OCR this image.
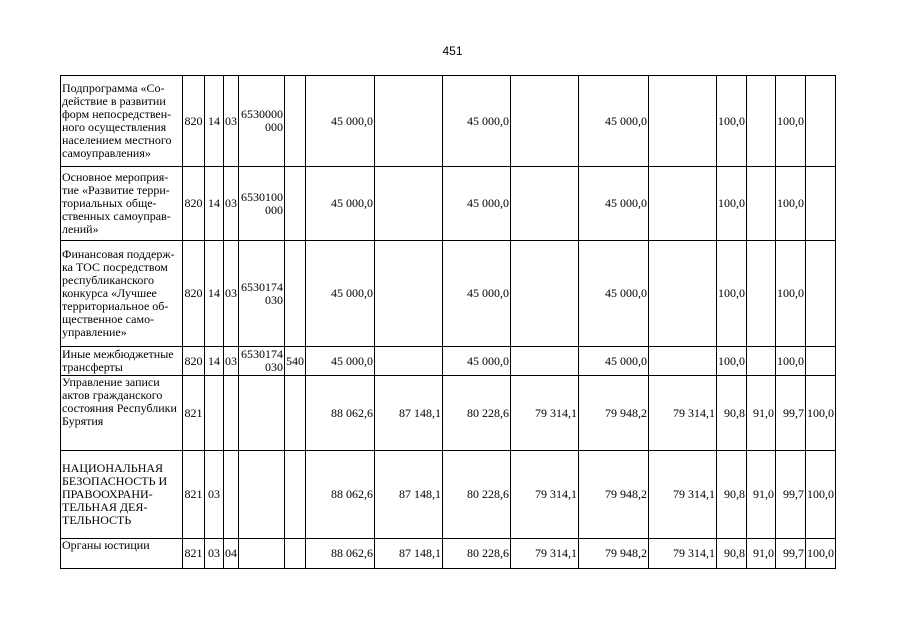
451
Подпрограмма «Со-действие в развитии форм непосредствен-ного осуществления населением местного самоуправления»	820	14	03	6530000 000		45 000,0		45 000,0		45 000,0		100,0		100,0	
Основное мероприя-тие «Развитие терри-ториальных обще-ственных самоуправ-лений»	820	14	03	6530100 000		45 000,0		45 000,0		45 000,0		100,0		100,0	
Финансовая поддерж-ка ТОС посредством республиканского конкурса «Лучшее территориальное об-щественное само-управление»	820	14	03	6530174 030		45 000,0		45 000,0		45 000,0		100,0		100,0	
Иные межбюджетные трансферты	820	14	03	6530174 030	540	45 000,0		45 000,0		45 000,0		100,0		100,0	
Управление записи актов гражданского состояния Республики Бурятия	821					88 062,6	87 148,1	80 228,6	79 314,1	79 948,2	79 314,1	90,8	91,0	99,7	100,0
НАЦИОНАЛЬНАЯ БЕЗОПАСНОСТЬ И ПРАВООХРАНИ-ТЕЛЬНАЯ ДЕЯ-ТЕЛЬНОСТЬ	821	03				88 062,6	87 148,1	80 228,6	79 314,1	79 948,2	79 314,1	90,8	91,0	99,7	100,0
Органы юстиции	821	03	04			88 062,6	87 148,1	80 228,6	79 314,1	79 948,2	79 314,1	90,8	91,0	99,7	100,0
